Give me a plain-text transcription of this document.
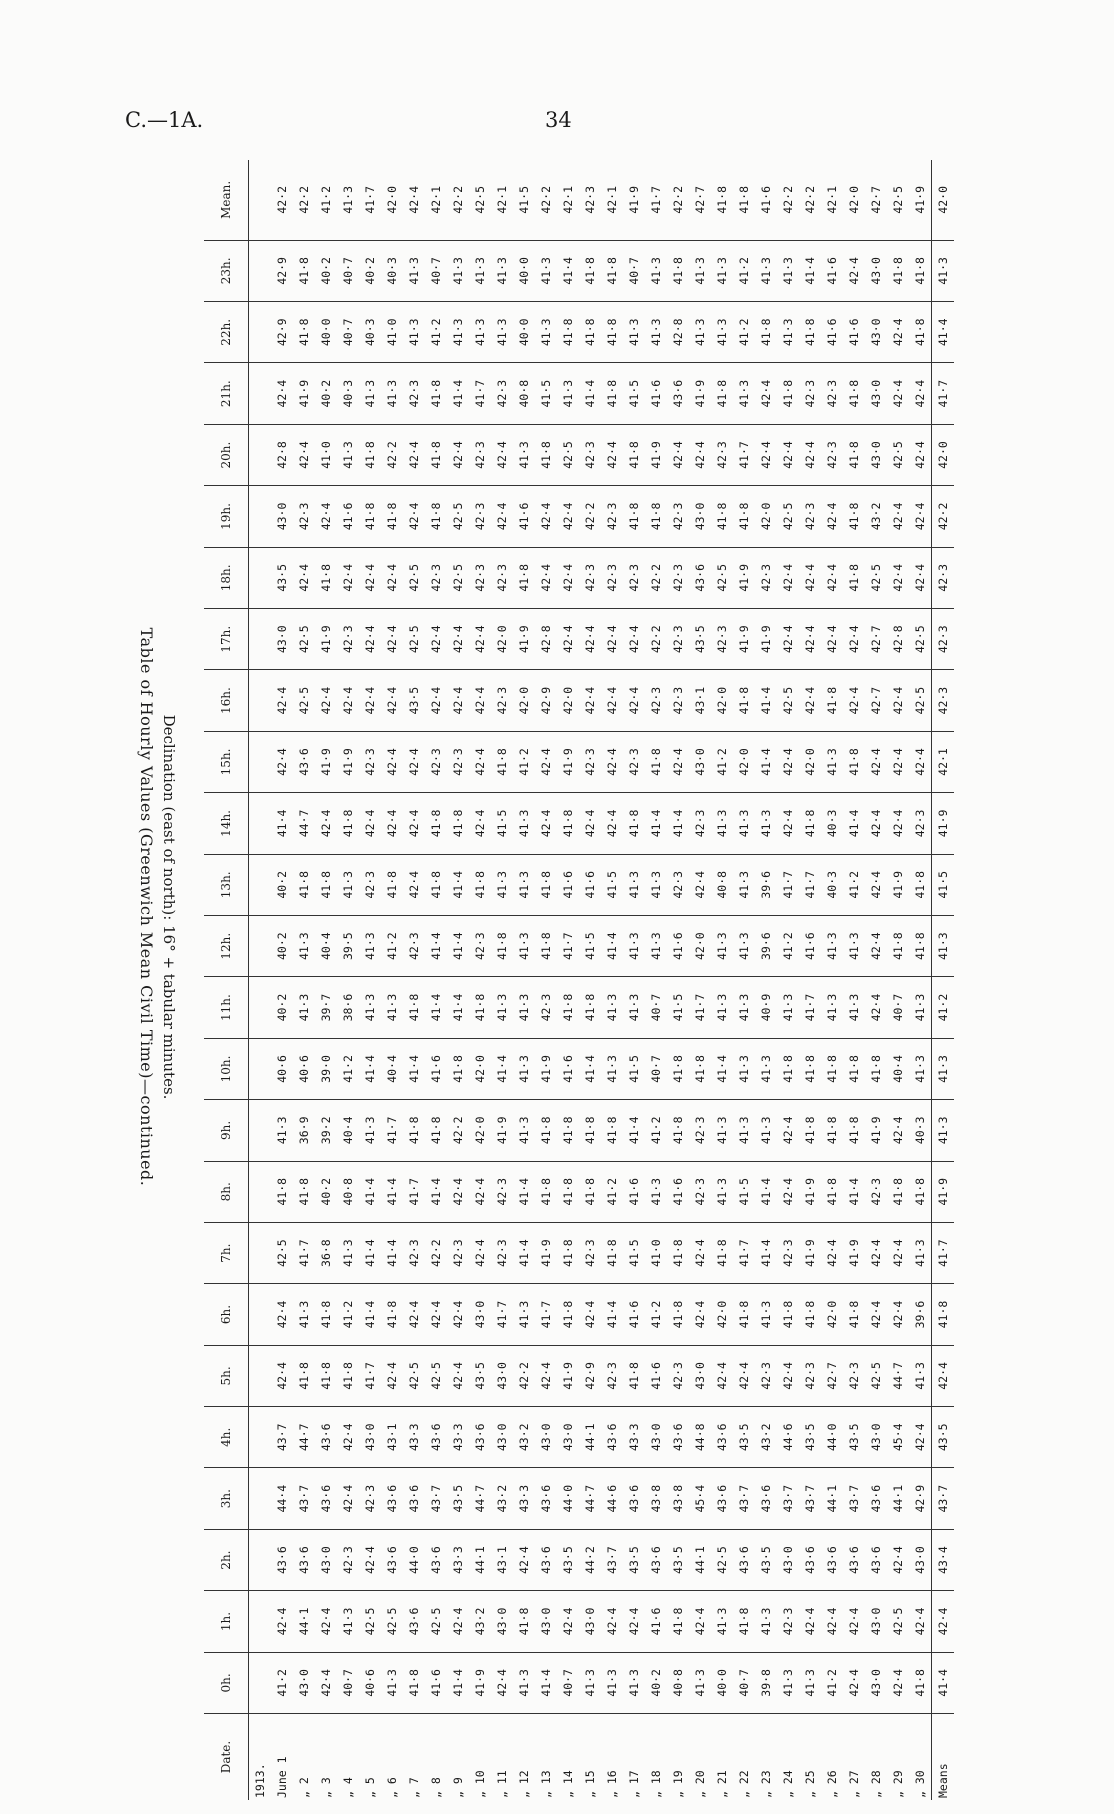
C.—1A.	34
Table of Hourly Values (Greenwich Mean Civil Time)—continued. Declination (east of north): 16° + tabular minutes.
Date.	0h.	1h.	2h.	3h.	4h.	5h.	6h.	7h.	8h.	9h.	10h.	11h.	12h.	13h.	14h.	15h.	16h.	17h.	18h.	19h.	20h.	21h.	22h.	23h.	Mean.
1913.																									
June 1	41·2	42·4	43·6	44·4	43·7	42·4	42·4	42·5	41·8	41·3	40·6	40·2	40·2	40·2	41·4	42·4	42·4	43·0	43·5	43·0	42·8	42·4	42·9	42·9	42·2
„ 2	43·0	44·1	43·6	43·7	44·7	41·8	41·3	41·7	41·8	36·9	40·6	41·3	41·3	41·8	44·7	43·6	42·5	42·5	42·4	42·3	42·4	41·9	41·8	41·8	42·2
„ 3	42·4	42·4	43·0	43·6	43·6	41·8	41·8	36·8	40·2	39·2	39·0	39·7	40·4	41·8	42·4	41·9	42·4	41·9	41·8	42·4	41·0	40·2	40·0	40·2	41·2
„ 4	40·7	41·3	42·3	42·4	42·4	41·8	41·2	41·3	40·8	40·4	41·2	38·6	39·5	41·3	41·8	41·9	42·4	42·3	42·4	41·6	41·3	40·3	40·7	40·7	41·3
„ 5	40·6	42·5	42·4	42·3	43·0	41·7	41·4	41·4	41·4	41·3	41·4	41·3	41·3	42·3	42·4	42·3	42·4	42·4	42·4	41·8	41·8	41·3	40·3	40·2	41·7
„ 6	41·3	42·5	43·6	43·6	43·1	42·4	41·8	41·4	41·4	41·7	40·4	41·3	41·2	41·8	42·4	42·4	42·4	42·4	42·4	41·8	42·2	41·3	41·0	40·3	42·0
„ 7	41·8	43·6	44·0	43·6	43·3	42·5	42·4	42·3	41·7	41·8	41·4	41·8	42·3	42·4	42·4	42·4	43·5	42·5	42·5	42·4	42·4	42·3	41·3	41·3	42·4
„ 8	41·6	42·5	43·6	43·7	43·6	42·5	42·4	42·2	41·4	41·8	41·6	41·4	41·4	41·8	41·8	42·3	42·4	42·4	42·3	41·8	41·8	41·8	41·2	40·7	42·1
„ 9	41·4	42·4	43·3	43·5	43·3	42·4	42·4	42·3	42·4	42·2	41·8	41·4	41·4	41·4	41·8	42·3	42·4	42·4	42·5	42·5	42·4	41·4	41·3	41·3	42·2
„ 10	41·9	43·2	44·1	44·7	43·6	43·5	43·0	42·4	42·4	42·0	42·0	41·8	42·3	41·8	42·4	42·4	42·4	42·4	42·3	42·3	42·3	41·7	41·3	41·3	42·5
„ 11	42·4	43·0	43·1	43·2	43·0	43·0	41·7	42·3	42·3	41·9	41·4	41·3	41·8	41·3	41·5	41·8	42·3	42·0	42·3	42·4	42·4	42·3	41·3	41·3	42·1
„ 12	41·3	41·8	42·4	43·3	43·2	42·2	41·3	41·4	41·4	41·3	41·3	41·3	41·3	41·3	41·3	41·2	42·0	41·9	41·8	41·6	41·3	40·8	40·0	40·0	41·5
„ 13	41·4	43·0	43·6	43·6	43·0	42·4	41·7	41·9	41·8	41·8	41·9	42·3	41·8	41·8	42·4	42·4	42·9	42·8	42·4	42·4	41·8	41·5	41·3	41·3	42·2
„ 14	40·7	42·4	43·5	44·0	43·0	41·9	41·8	41·8	41·8	41·8	41·6	41·8	41·7	41·6	41·8	41·9	42·0	42·4	42·4	42·4	42·5	41·3	41·8	41·4	42·1
„ 15	41·3	43·0	44·2	44·7	44·1	42·9	42·4	42·3	41·8	41·8	41·4	41·8	41·5	41·6	42·4	42·3	42·4	42·4	42·3	42·2	42·3	41·4	41·8	41·8	42·3
„ 16	41·3	42·4	43·7	44·6	43·6	42·3	41·4	41·8	41·2	41·8	41·3	41·3	41·4	41·5	42·4	42·4	42·4	42·4	42·3	42·3	42·4	41·8	41·8	41·8	42·1
„ 17	41·3	42·4	43·5	43·6	43·3	41·8	41·6	41·5	41·6	41·4	41·5	41·3	41·3	41·3	41·8	42·3	42·4	42·4	42·3	41·8	41·8	41·5	41·3	40·7	41·9
„ 18	40·2	41·6	43·6	43·8	43·0	41·6	41·2	41·0	41·3	41·2	40·7	40·7	41·3	41·3	41·4	41·8	42·3	42·2	42·2	41·8	41·9	41·6	41·3	41·3	41·7
„ 19	40·8	41·8	43·5	43·8	43·6	42·3	41·8	41·8	41·6	41·8	41·8	41·5	41·6	42·3	41·4	42·4	42·3	42·3	42·3	42·3	42·4	43·6	42·8	41·8	42·2
„ 20	41·3	42·4	44·1	45·4	44·8	43·0	42·4	42·4	42·3	42·3	41·8	41·7	42·0	42·4	42·3	43·0	43·1	43·5	43·6	43·0	42·4	41·9	41·3	41·3	42·7
„ 21	40·0	41·3	42·5	43·6	43·6	42·4	42·0	41·8	41·3	41·3	41·4	41·3	41·3	40·8	41·3	41·2	42·0	42·3	42·5	41·8	42·3	41·8	41·3	41·3	41·8
„ 22	40·7	41·8	43·6	43·7	43·5	42·4	41·8	41·7	41·5	41·3	41·3	41·3	41·3	41·3	41·3	42·0	41·8	41·9	41·9	41·8	41·7	41·3	41·2	41·2	41·8
„ 23	39·8	41·3	43·5	43·6	43·2	42·3	41·3	41·4	41·4	41·3	41·3	40·9	39·6	39·6	41·3	41·4	41·4	41·9	42·3	42·0	42·4	42·4	41·8	41·3	41·6
„ 24	41·3	42·3	43·0	43·7	44·6	42·4	41·8	42·3	42·4	42·4	41·8	41·3	41·2	41·7	42·4	42·4	42·5	42·4	42·4	42·5	42·4	41·8	41·3	41·3	42·2
„ 25	41·3	42·4	43·6	43·7	43·5	42·3	41·8	41·9	41·9	41·8	41·8	41·7	41·6	41·7	41·8	42·0	42·4	42·4	42·4	42·3	42·4	42·3	41·8	41·4	42·2
„ 26	41·2	42·4	43·6	44·1	44·0	42·7	42·0	42·4	41·8	41·8	41·8	41·3	41·3	40·3	40·3	41·3	41·8	42·4	42·4	42·4	42·3	42·3	41·6	41·6	42·1
„ 27	42·4	42·4	43·6	43·7	43·5	42·3	41·8	41·9	41·4	41·8	41·8	41·3	41·3	41·2	41·4	41·8	42·4	42·4	41·8	41·8	41·8	41·8	41·6	42·4	42·0
„ 28	43·0	43·0	43·6	43·6	43·0	42·5	42·4	42·4	42·3	41·9	41·8	42·4	42·4	42·4	42·4	42·4	42·7	42·7	42·5	43·2	43·0	43·0	43·0	43·0	42·7
„ 29	42·4	42·5	42·4	44·1	45·4	44·7	42·4	42·4	41·8	42·4	40·4	40·7	41·8	41·9	42·4	42·4	42·4	42·8	42·4	42·4	42·5	42·4	42·4	41·8	42·5
„ 30	41·8	42·4	43·0	42·9	42·4	41·3	39·6	41·3	41·8	40·3	41·3	41·3	41·8	41·8	42·3	42·4	42·5	42·5	42·4	42·4	42·4	42·4	41·8	41·8	41·9
Means	41·4	42·4	43·4	43·7	43·5	42·4	41·8	41·7	41·9	41·3	41·3	41·2	41·3	41·5	41·9	42·1	42·3	42·3	42·3	42·2	42·0	41·7	41·4	41·3	42·0
